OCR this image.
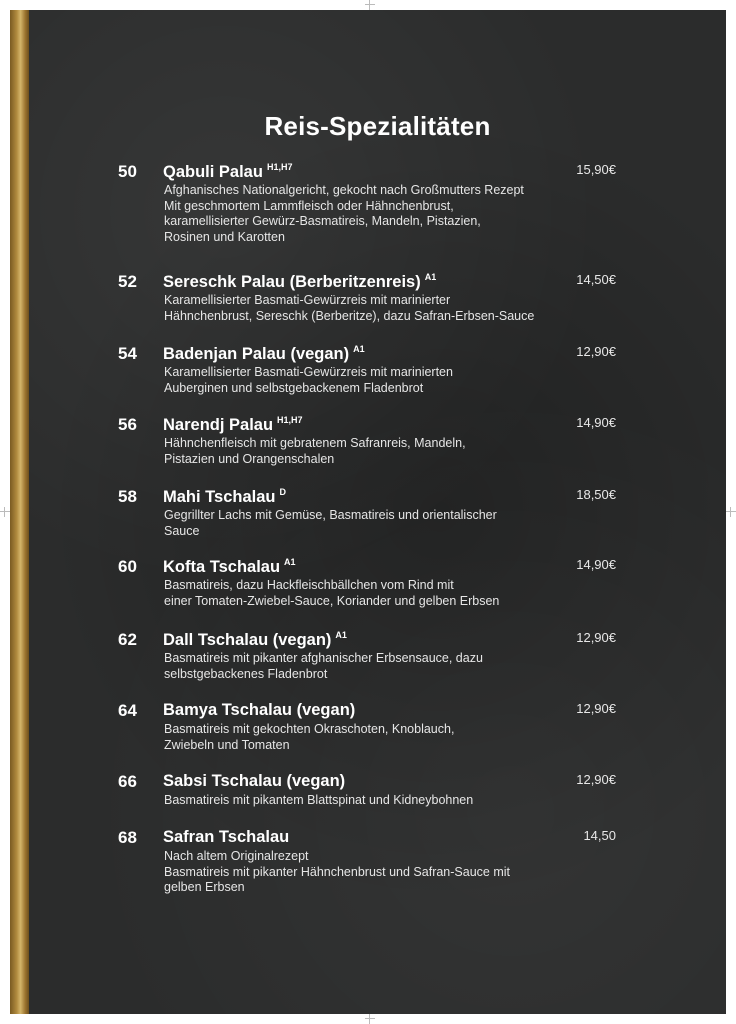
Reis-Spezialitäten
50	Qabuli Palau $^{H1,H7}$	15,90€
Afghanisches Nationalgericht, gekocht nach Großmutters Rezept
Mit geschmortem Lammfleisch oder Hähnchenbrust,
karamellisierter Gewürz-Basmatireis, Mandeln, Pistazien,
Rosinen und Karotten
52	Sereschk Palau (Berberitzenreis) $^{A1}$	14,50€
Karamellisierter Basmati-Gewürzreis mit marinierter
Hähnchenbrust, Sereschk (Berberitze), dazu Safran-Erbsen-Sauce
54	Badenjan Palau (vegan) $^{A1}$	12,90€
Karamellisierter Basmati-Gewürzreis mit marinierten
Auberginen und selbstgebackenem Fladenbrot
56	Narendj Palau $^{H1,H7}$	14,90€
Hähnchenfleisch mit gebratenem Safranreis, Mandeln,
Pistazien und Orangenschalen
58	Mahi Tschalau $^D$	18,50€
Gegrillter Lachs mit Gemüse, Basmatireis und orientalischer
Sauce
60	Kofta Tschalau $^{A1}$	14,90€
Basmatireis, dazu Hackfleischbällchen vom Rind mit
einer Tomaten-Zwiebel-Sauce, Koriander und gelben Erbsen
62	Dall Tschalau (vegan) $^{A1}$	12,90€
Basmatireis mit pikanter afghanischer Erbsensauce, dazu
selbstgebackenes Fladenbrot
64	Bamya Tschalau (vegan)	12,90€
Basmatireis mit gekochten Okraschoten, Knoblauch,
Zwiebeln und Tomaten
66	Sabsi Tschalau (vegan)	12,90€
Basmatireis mit pikantem Blattspinat und Kidneybohnen
68	Safran Tschalau	14,50
Nach altem Originalrezept
Basmatireis mit pikanter Hähnchenbrust und Safran-Sauce mit
gelben Erbsen
